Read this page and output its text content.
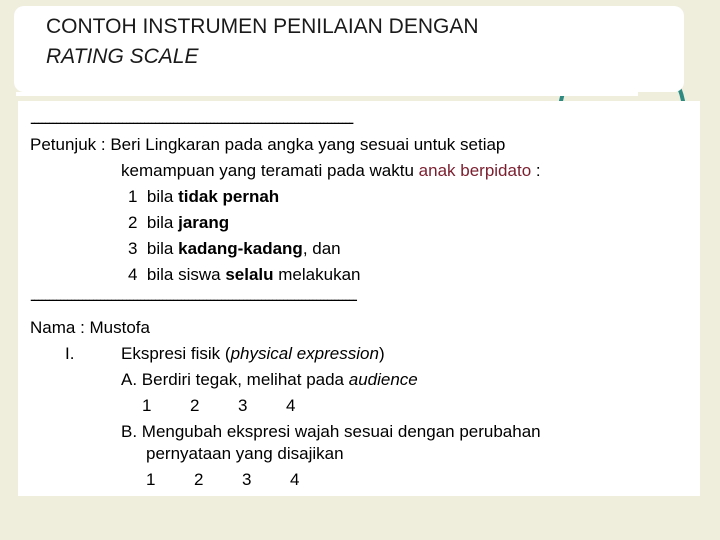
CONTOH INSTRUMEN PENILAIAN DENGAN
RATING SCALE
----------------------------------------------------------------------------------------
Petunjuk : Beri Lingkaran pada angka yang sesuai untuk setiap
kemampuan yang teramati pada waktu anak berpidato :
1 bila tidak pernah
2 bila jarang
3 bila kadang-kadang, dan
4 bila siswa selalu melakukan
-----------------------------------------------------------------------------------------
Nama : Mustofa
I.	Ekspresi fisik (physical expression)
A. Berdiri tegak, melihat pada audience
1 2 3 4
B. Mengubah ekspresi wajah sesuai dengan perubahan
pernyataan yang disajikan
1 2 3 4
